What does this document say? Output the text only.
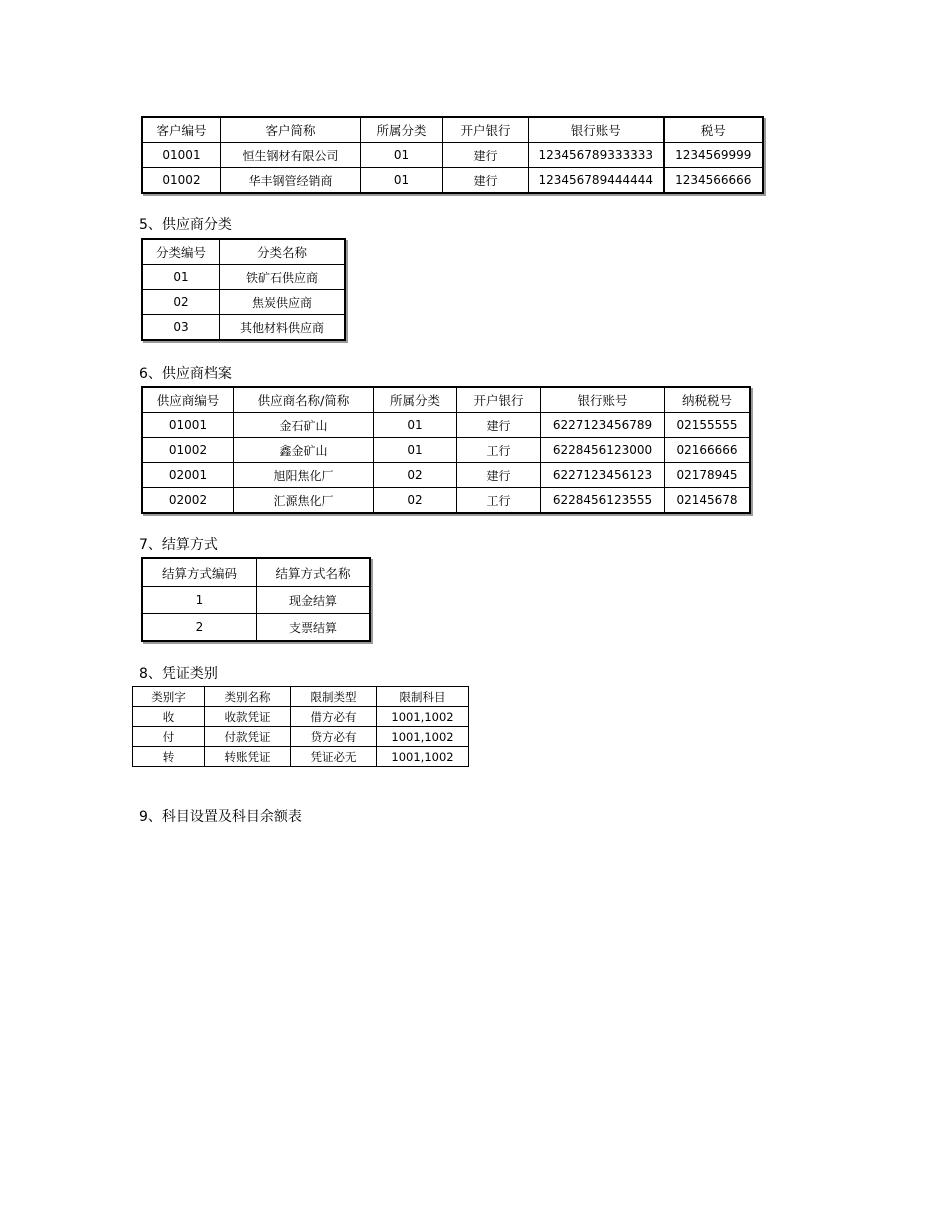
客户编号	客户简称	所属分类	开户银行	银行账号	税号
01001	恒生钢材有限公司	01	建行	123456789333333	1234569999
01002	华丰钢管经销商	01	建行	123456789444444	1234566666
5、供应商分类
分类编号	分类名称
01	铁矿石供应商
02	焦炭供应商
03	其他材料供应商
6、供应商档案
供应商编号	供应商名称/简称	所属分类	开户银行	银行账号	纳税税号
01001	金石矿山	01	建行	6227123456789	02155555
01002	鑫金矿山	01	工行	6228456123000	02166666
02001	旭阳焦化厂	02	建行	6227123456123	02178945
02002	汇源焦化厂	02	工行	6228456123555	02145678
7、结算方式
结算方式编码	结算方式名称
1	现金结算
2	支票结算
8、凭证类别
类别字	类别名称	限制类型	限制科目
收	收款凭证	借方必有	1001,1002
付	付款凭证	贷方必有	1001,1002
转	转账凭证	凭证必无	1001,1002
9、科目设置及科目余额表
